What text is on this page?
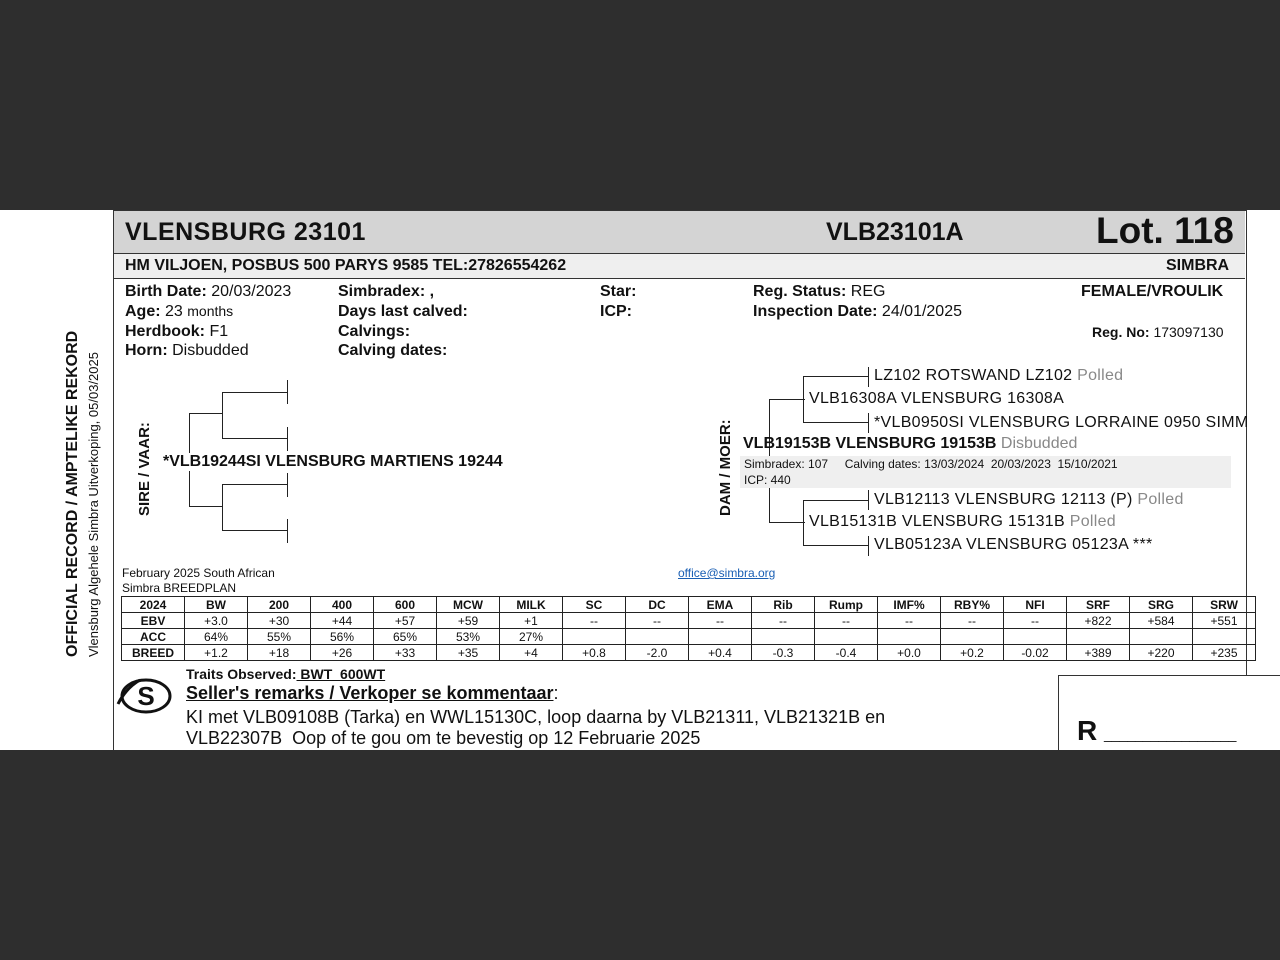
VLENSBURG 23101	VLB23101A	Lot. 118
HM VILJOEN, POSBUS 500 PARYS 9585 TEL:27826554262	SIMBRA
OFFICIAL RECORD / AMPTELIKE REKORD Vlensburg Algehele Simbra Uitverkoping, 05/03/2025
Birth Date: 20/03/2023
Age: 23 months
Herdbook: F1
Horn: Disbudded
Simbradex: ,
Days last calved:
Calvings:
Calving dates:
Star:
ICP:
Reg. Status: REG
Inspection Date: 24/01/2025
FEMALE/VROULIK
Reg. No: 173097130
SIRE / VAAR: *VLB19244SI VLENSBURG MARTIENS 19244	DAM / MOER:
LZ102 ROTSWAND LZ102 Polled
VLB16308A VLENSBURG 16308A
*VLB0950SI VLENSBURG LORRAINE 0950 SIMM
VLB19153B VLENSBURG 19153B Disbudded
Simbradex: 107     Calving dates: 13/03/2024  20/03/2023  15/10/2021
ICP: 440
VLB12113 VLENSBURG 12113 (P) Polled
VLB15131B VLENSBURG 15131B Polled
VLB05123A VLENSBURG 05123A ***
February 2025 South African
Simbra BREEDPLAN
office@simbra.org
2024	BW	200	400	600	MCW	MILK	SC	DC	EMA	Rib	Rump	IMF%	RBY%	NFI	SRF	SRG	SRW
EBV	+3.0	+30	+44	+57	+59	+1	--	--	--	--	--	--	--	--	+822	+584	+551
ACC	64%	55%	56%	65%	53%	27%											
BREED	+1.2	+18	+26	+33	+35	+4	+0.8	-2.0	+0.4	-0.3	-0.4	+0.0	+0.2	-0.02	+389	+220	+235
S
Traits Observed: BWT  600WT
Seller's remarks / Verkoper se kommentaar:
KI met VLB09108B (Tarka) en WWL15130C, loop daarna by VLB21311, VLB21321B en
VLB22307B  Oop of te gou om te bevestig op 12 Februarie 2025	R _________________
